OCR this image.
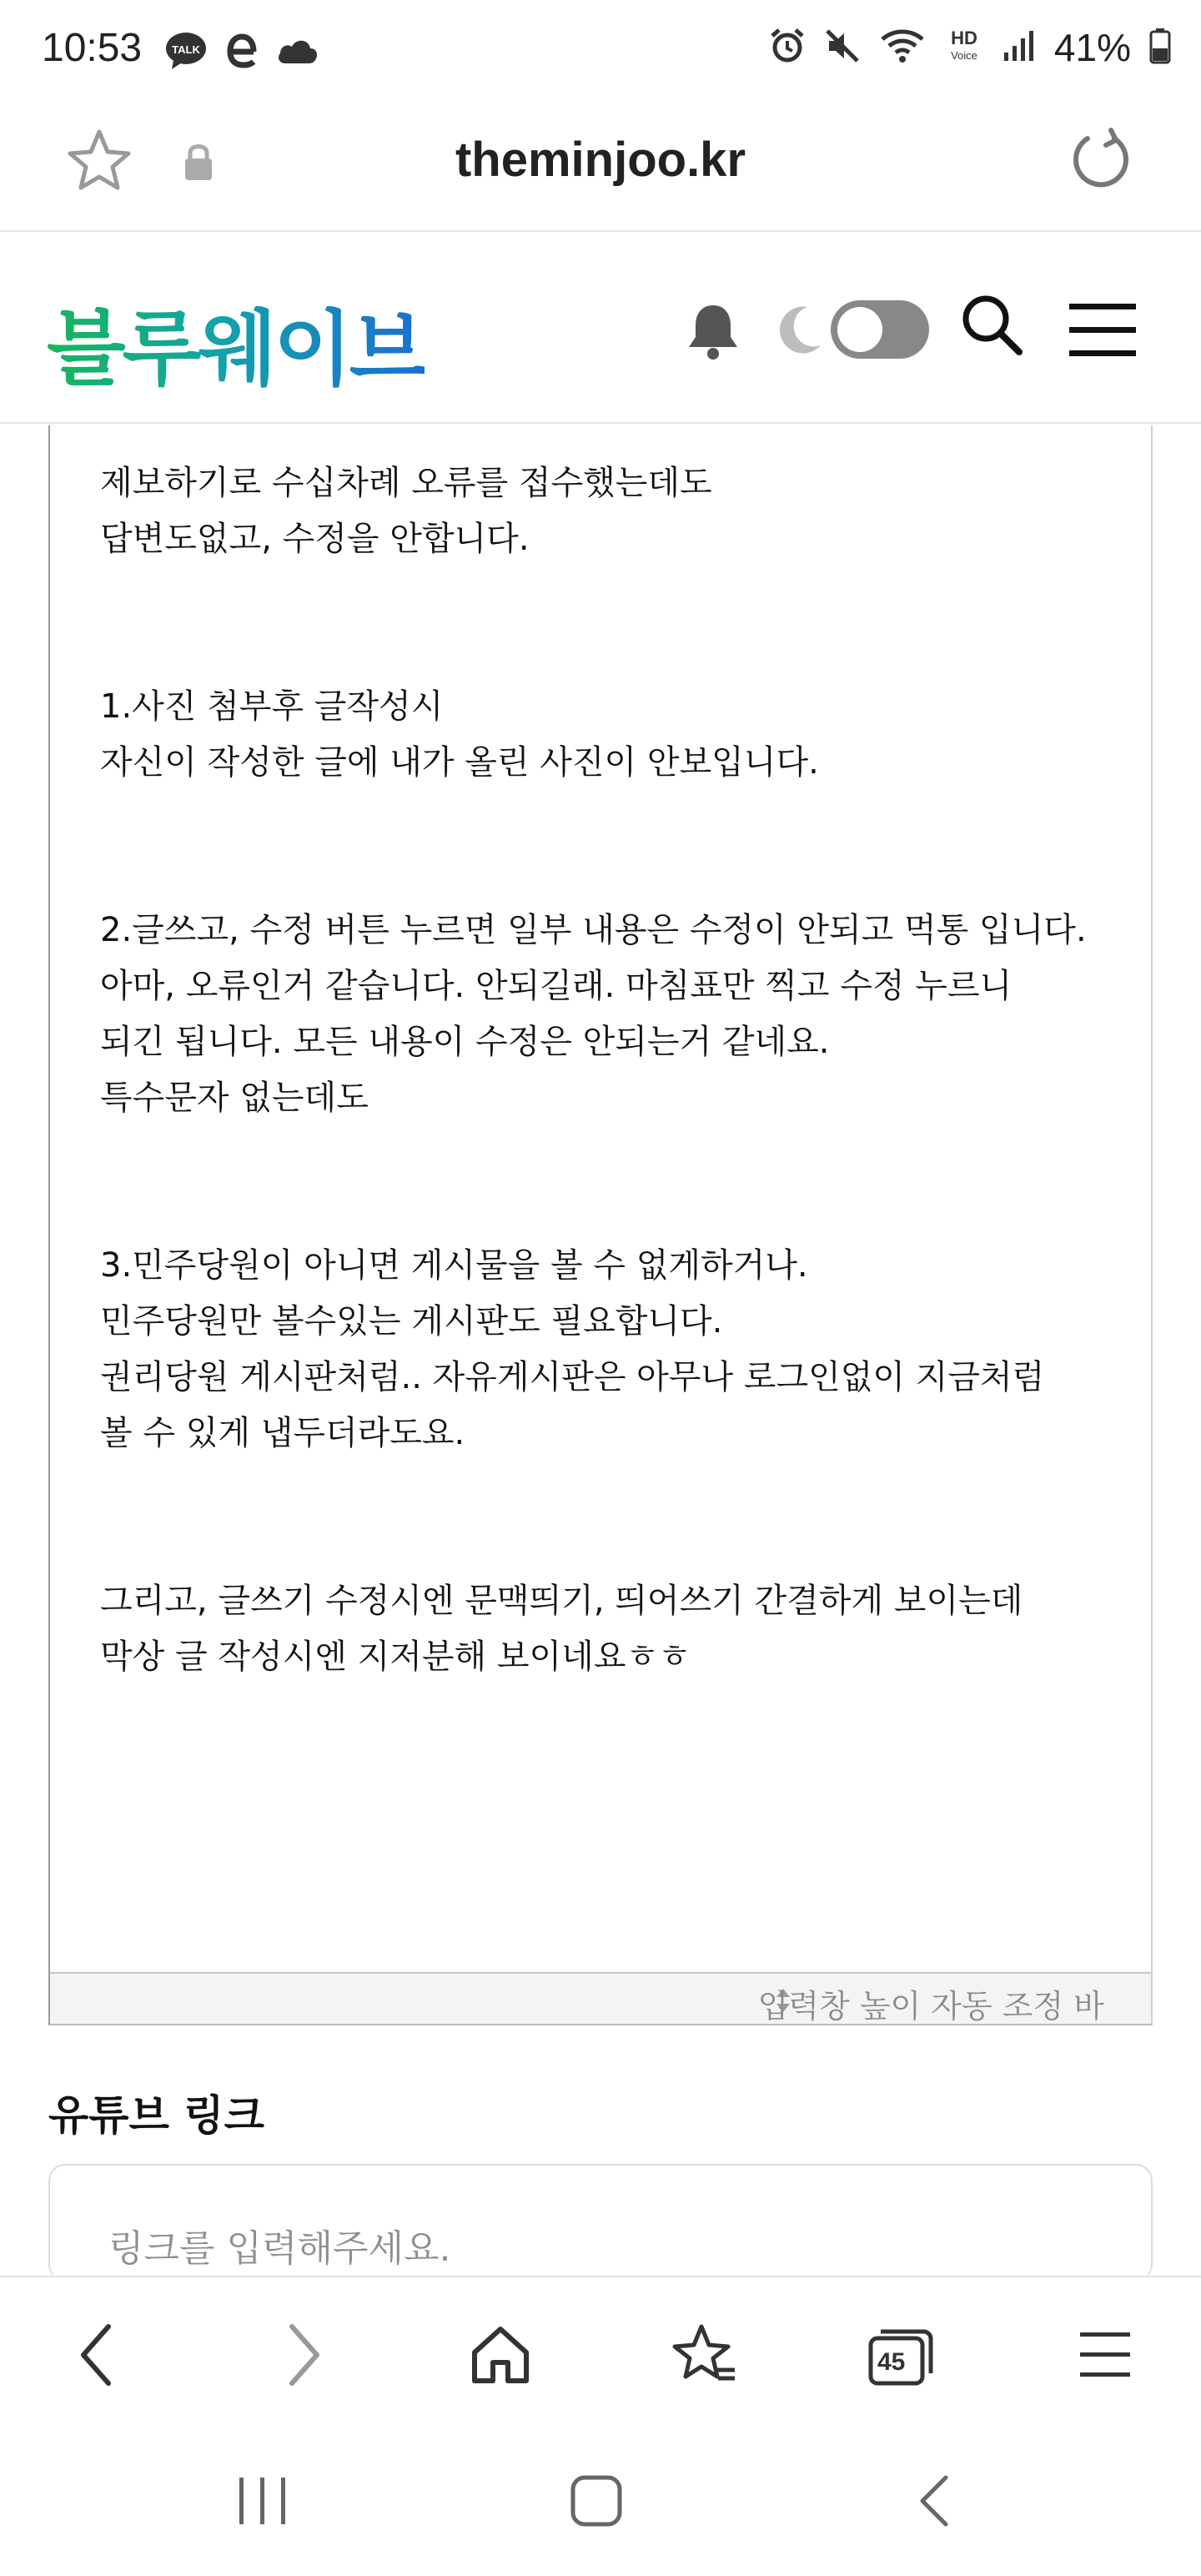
10:53	TALK
HD
Voice 41%
theminjoo.kr
블루웨이브

제보하기로 수십차례 오류를 접수했는데도
답변도없고, 수정을 안합니다.

1.사진 첨부후 글작성시
자신이 작성한 글에 내가 올린 사진이 안보입니다.

2.글쓰고, 수정 버튼 누르면 일부 내용은 수정이 안되고 먹통 입니다.
아마, 오류인거 같습니다. 안되길래. 마침표만 찍고 수정 누르니
되긴 됩니다. 모든 내용이 수정은 안되는거 같네요.
특수문자 없는데도

3.민주당원이 아니면 게시물을 볼 수 없게하거나.
민주당원만 볼수있는 게시판도 필요합니다.
권리당원 게시판처럼.. 자유게시판은 아무나 로그인없이 지금처럼
볼 수 있게 냅두더라도요.

그리고, 글쓰기 수정시엔 문맥띄기, 띄어쓰기 간결하게 보이는데
막상 글 작성시엔 지저분해 보이네요ㅎㅎ

입력창 높이 자동 조정 바
유튜브 링크
링크를 입력해주세요.
45
